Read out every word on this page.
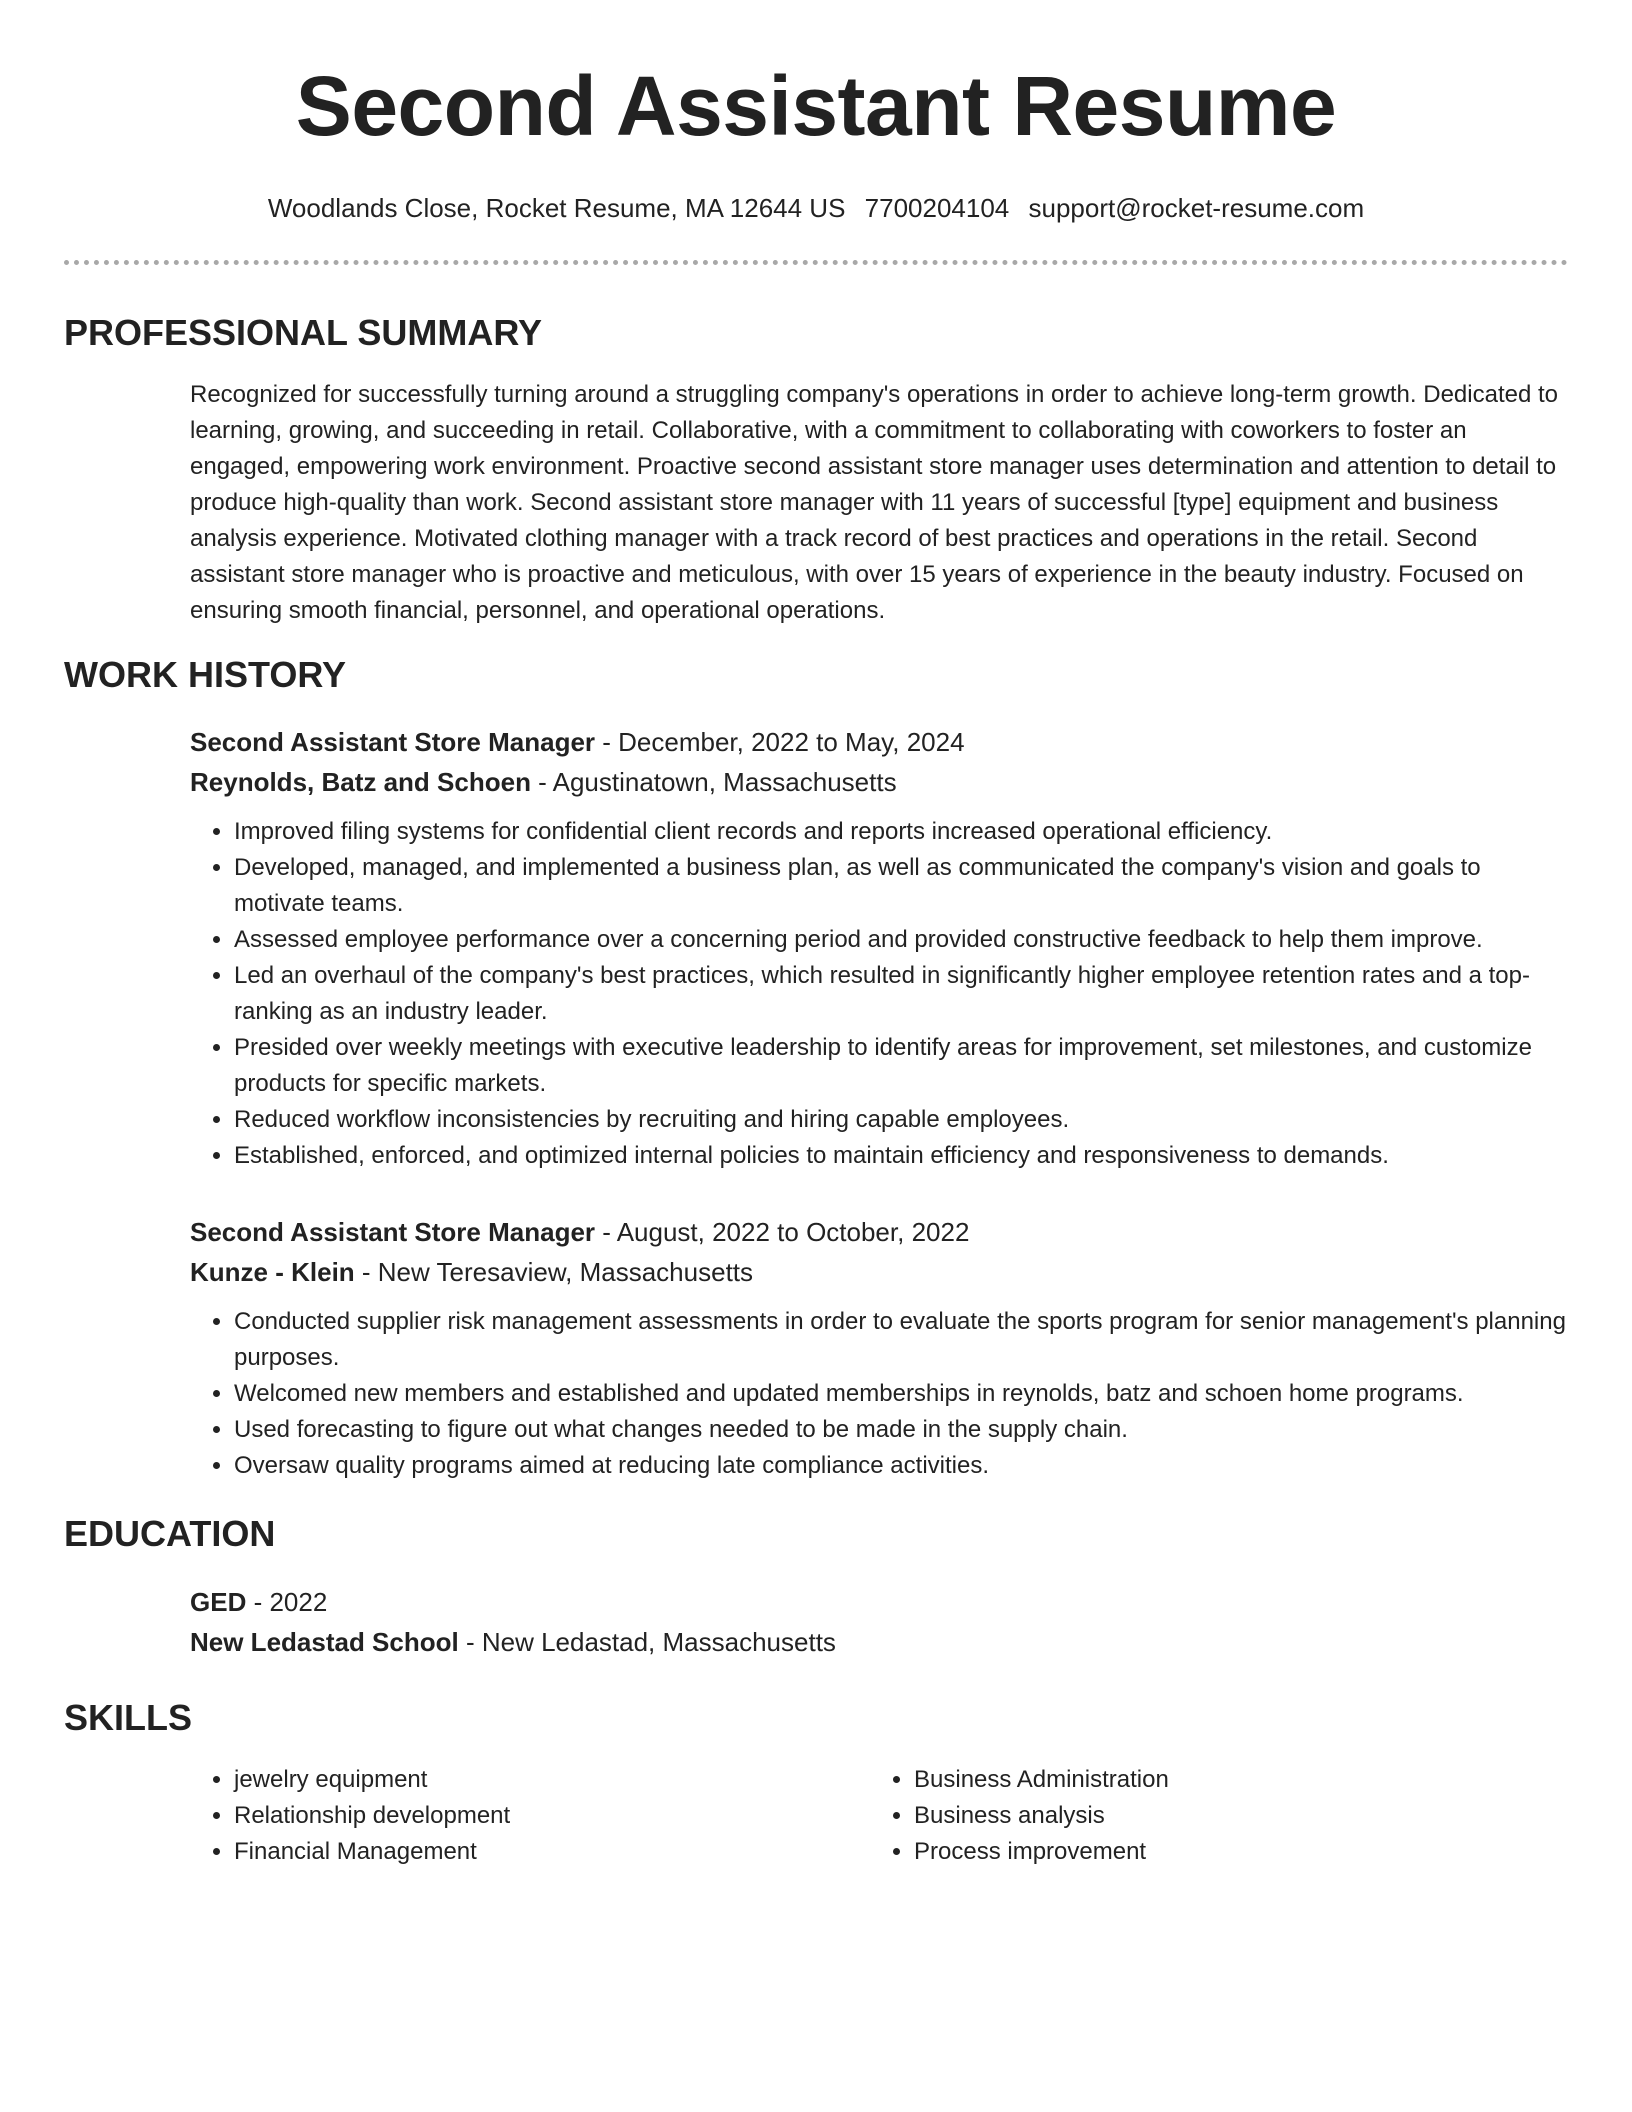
Second Assistant Resume
Woodlands Close, Rocket Resume, MA 12644 US 7700204104 support@rocket-resume.com
PROFESSIONAL SUMMARY
Recognized for successfully turning around a struggling company's operations in order to achieve long-term growth. Dedicated to learning, growing, and succeeding in retail. Collaborative, with a commitment to collaborating with coworkers to foster an engaged, empowering work environment. Proactive second assistant store manager uses determination and attention to detail to produce high-quality than work. Second assistant store manager with 11 years of successful [type] equipment and business analysis experience. Motivated clothing manager with a track record of best practices and operations in the retail. Second assistant store manager who is proactive and meticulous, with over 15 years of experience in the beauty industry. Focused on ensuring smooth financial, personnel, and operational operations.
WORK HISTORY
Second Assistant Store Manager - December, 2022 to May, 2024
Reynolds, Batz and Schoen - Agustinatown, Massachusetts
• Improved filing systems for confidential client records and reports increased operational efficiency.
• Developed, managed, and implemented a business plan, as well as communicated the company's vision and goals to motivate teams.
• Assessed employee performance over a concerning period and provided constructive feedback to help them improve.
• Led an overhaul of the company's best practices, which resulted in significantly higher employee retention rates and a top-ranking as an industry leader.
• Presided over weekly meetings with executive leadership to identify areas for improvement, set milestones, and customize products for specific markets.
• Reduced workflow inconsistencies by recruiting and hiring capable employees.
• Established, enforced, and optimized internal policies to maintain efficiency and responsiveness to demands.
Second Assistant Store Manager - August, 2022 to October, 2022
Kunze - Klein - New Teresaview, Massachusetts
• Conducted supplier risk management assessments in order to evaluate the sports program for senior management's planning purposes.
• Welcomed new members and established and updated memberships in reynolds, batz and schoen home programs.
• Used forecasting to figure out what changes needed to be made in the supply chain.
• Oversaw quality programs aimed at reducing late compliance activities.
EDUCATION
GED - 2022
New Ledastad School - New Ledastad, Massachusetts
SKILLS
• jewelry equipment
• Relationship development
• Financial Management
• Business Administration
• Business analysis
• Process improvement
